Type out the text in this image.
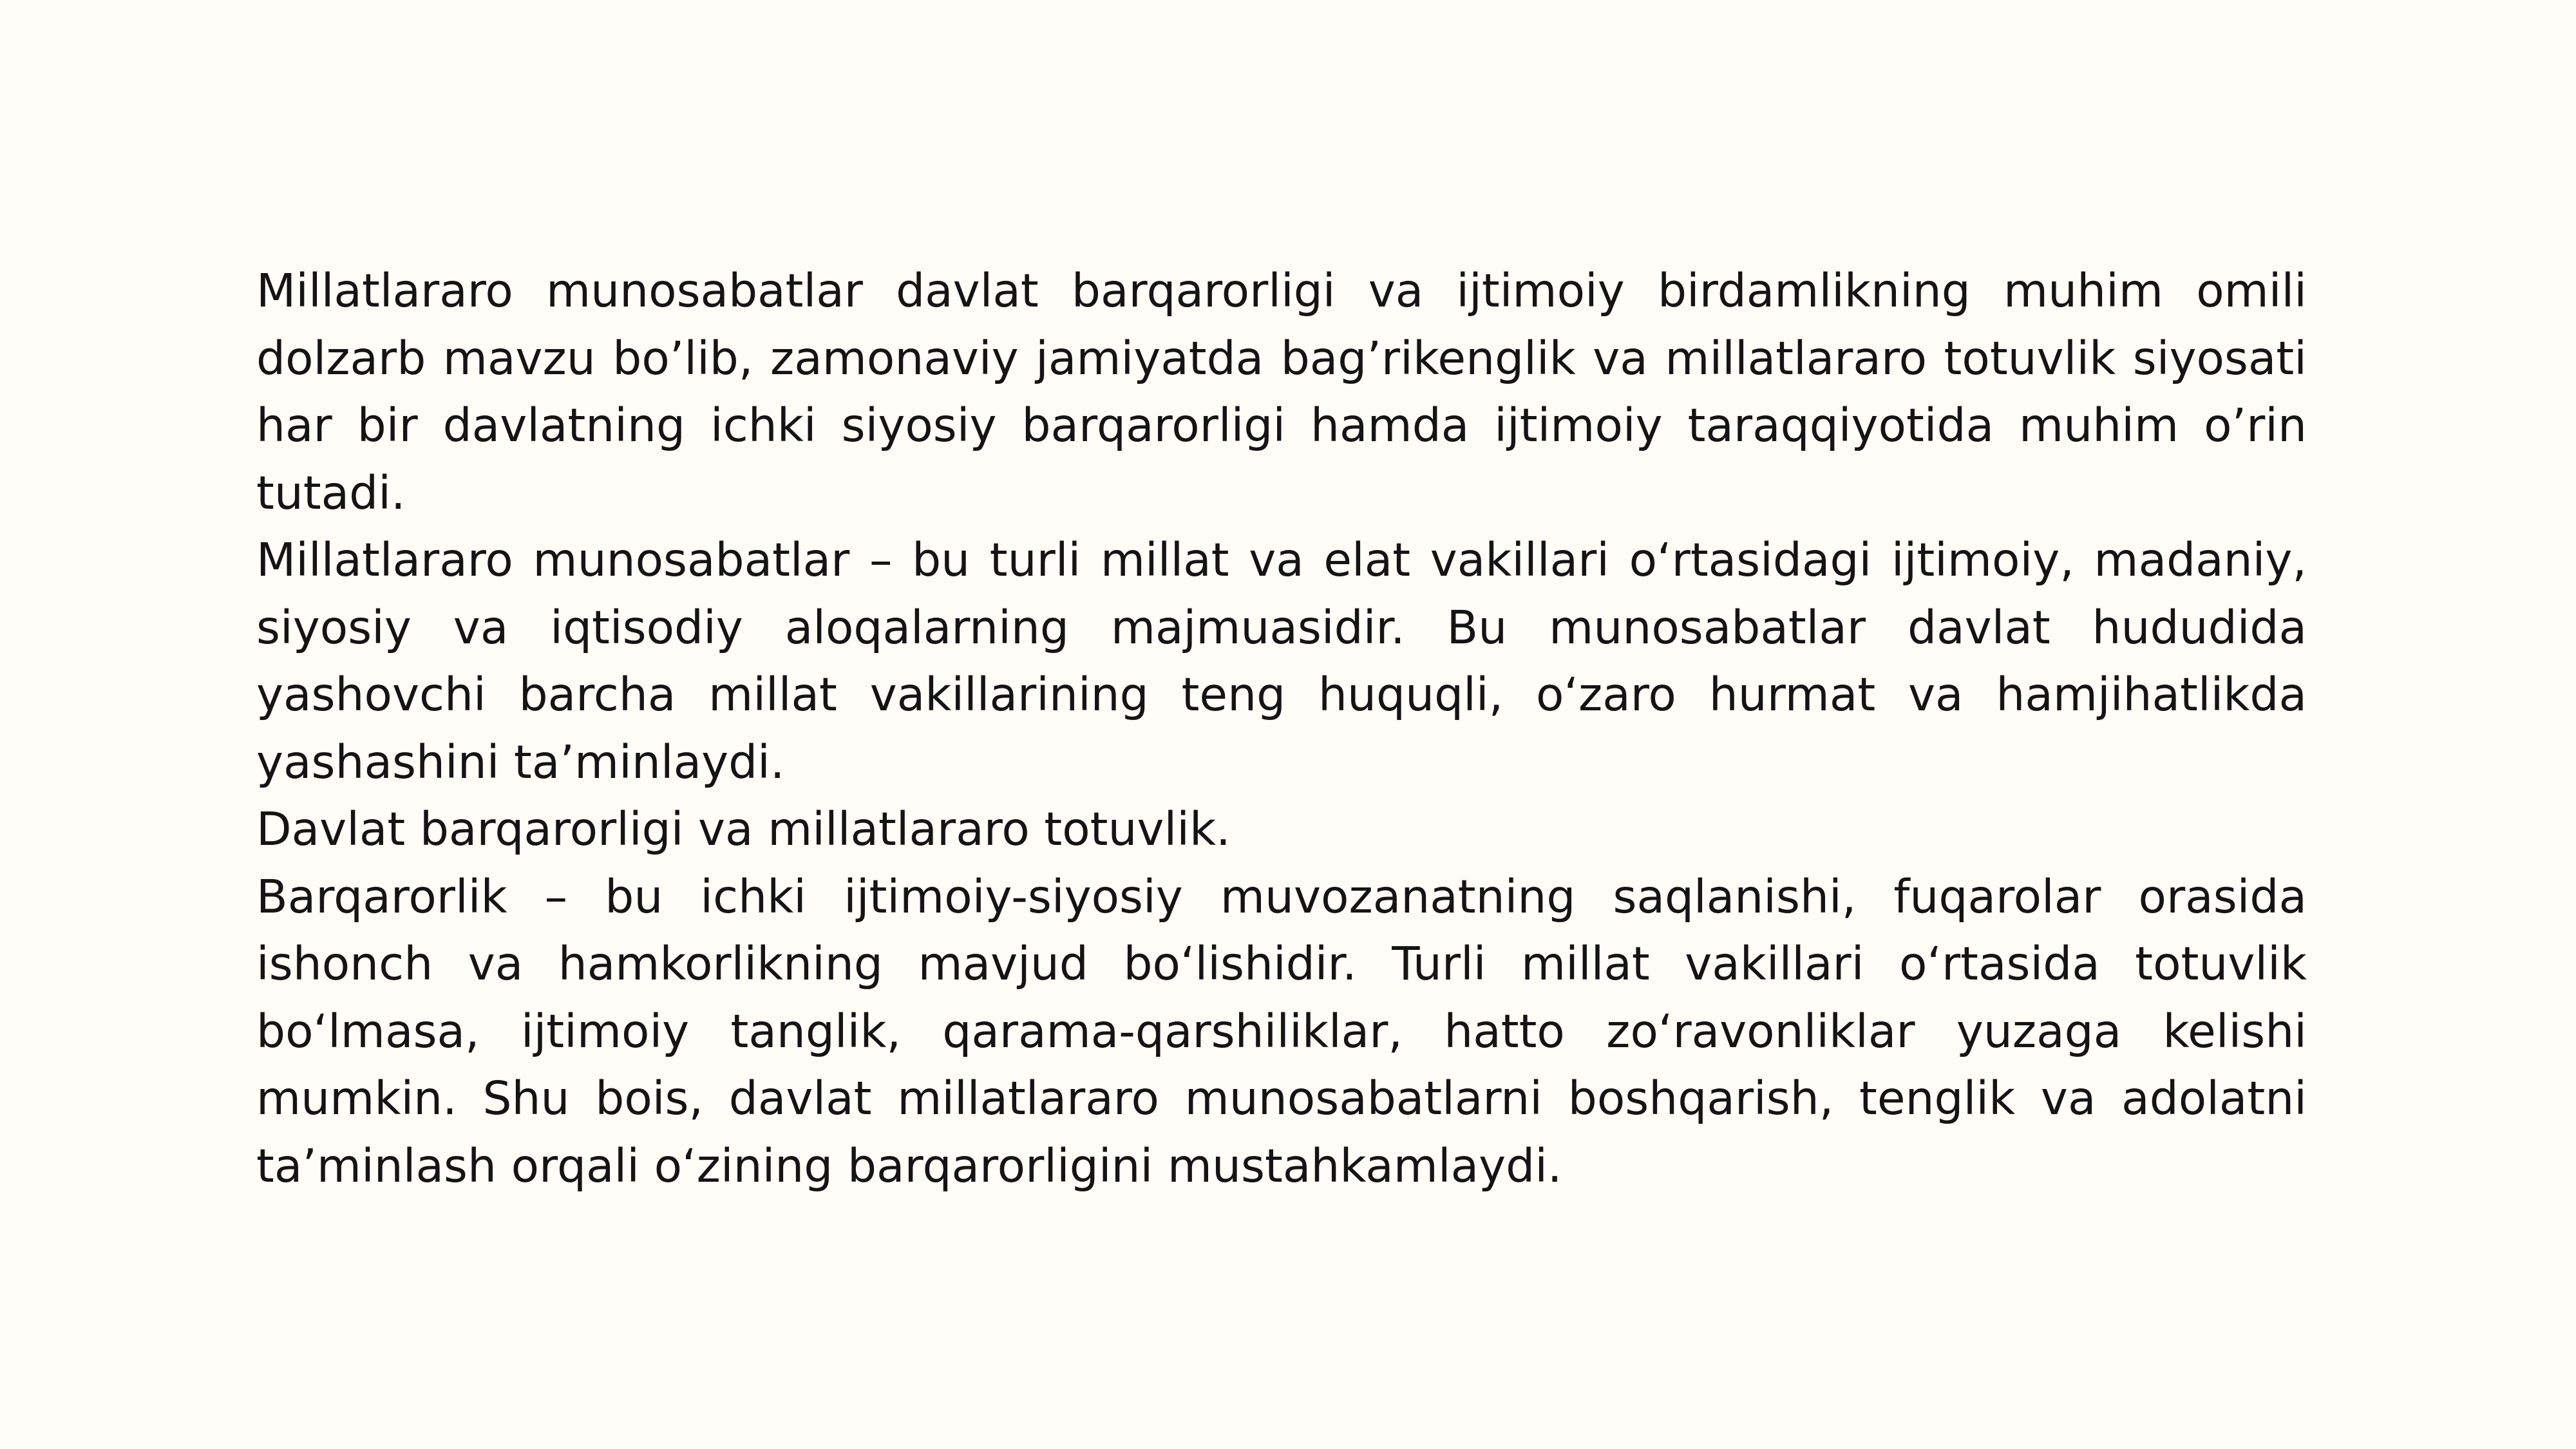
Millatlararo munosabatlar davlat barqarorligi va ijtimoiy birdamlikning muhim omili dolzarb mavzu bo’lib, zamonaviy jamiyatda bag’rikenglik va millatlararo totuvlik siyosati har bir davlatning ichki siyosiy barqarorligi hamda ijtimoiy taraqqiyotida muhim o’rin tutadi.

Millatlararo munosabatlar – bu turli millat va elat vakillari oʻrtasidagi ijtimoiy, madaniy, siyosiy va iqtisodiy aloqalarning majmuasidir. Bu munosabatlar davlat hududida yashovchi barcha millat vakillarining teng huquqli, oʻzaro hurmat va hamjihatlikda yashashini taʼminlaydi.

Davlat barqarorligi va millatlararo totuvlik.

Barqarorlik – bu ichki ijtimoiy-siyosiy muvozanatning saqlanishi, fuqarolar orasida ishonch va hamkorlikning mavjud boʻlishidir. Turli millat vakillari oʻrtasida totuvlik boʻlmasa, ijtimoiy tanglik, qarama-qarshiliklar, hatto zoʻravonliklar yuzaga kelishi mumkin. Shu bois, davlat millatlararo munosabatlarni boshqarish, tenglik va adolatni taʼminlash orqali oʻzining barqarorligini mustahkamlaydi.
